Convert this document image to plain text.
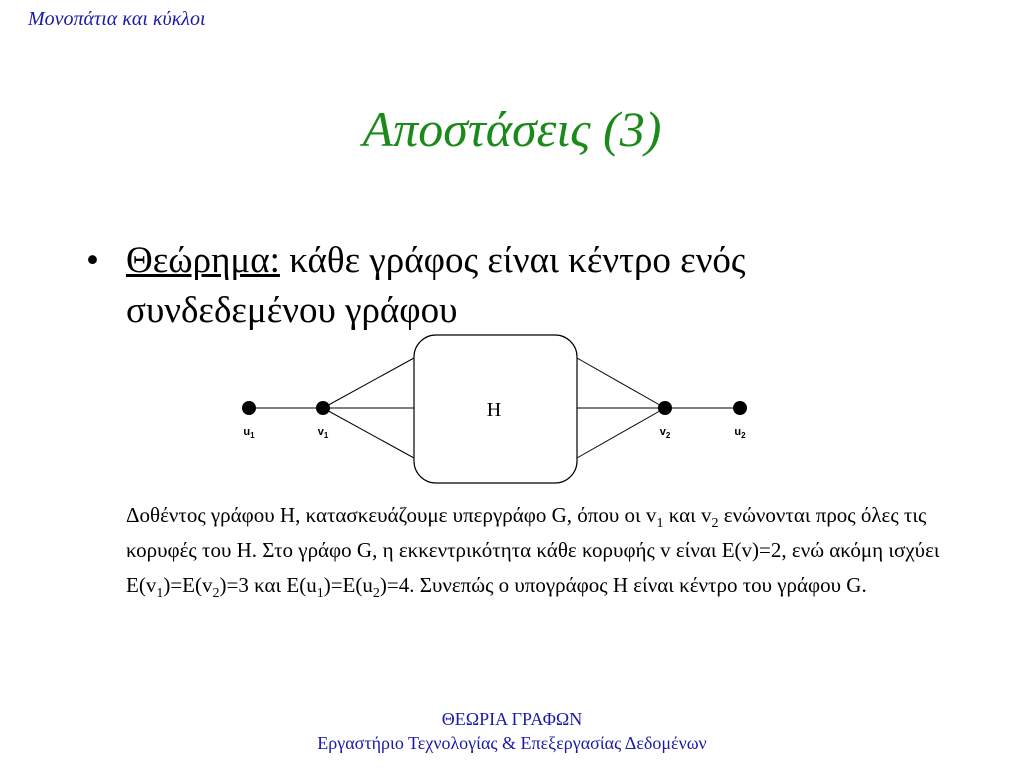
Μονοπάτια και κύκλοι
Αποστάσεις (3)
• Θεώρημα: κάθε γράφος είναι κέντρο ενός συνδεδεμένου γράφου
H
$u_1$	$v_1$	$v_2$	$u_2$
Δοθέντος γράφου H, κατασκευάζουμε υπεργράφο G, όπου οι $v_1$ και $v_2$ ενώνονται προς όλες τις κορυφές του H. Στο γράφο G, η εκκεντρικότητα κάθε κορυφής v είναι E(v)=2, ενώ ακόμη ισχύει $E(v_1)=E(v_2)=3$ και $E(u_1)=E(u_2)=4$. Συνεπώς ο υπογράφος H είναι κέντρο του γράφου G.
ΘΕΩΡΙΑ ΓΡΑΦΩΝ
Εργαστήριο Τεχνολογίας & Επεξεργασίας Δεδομένων
